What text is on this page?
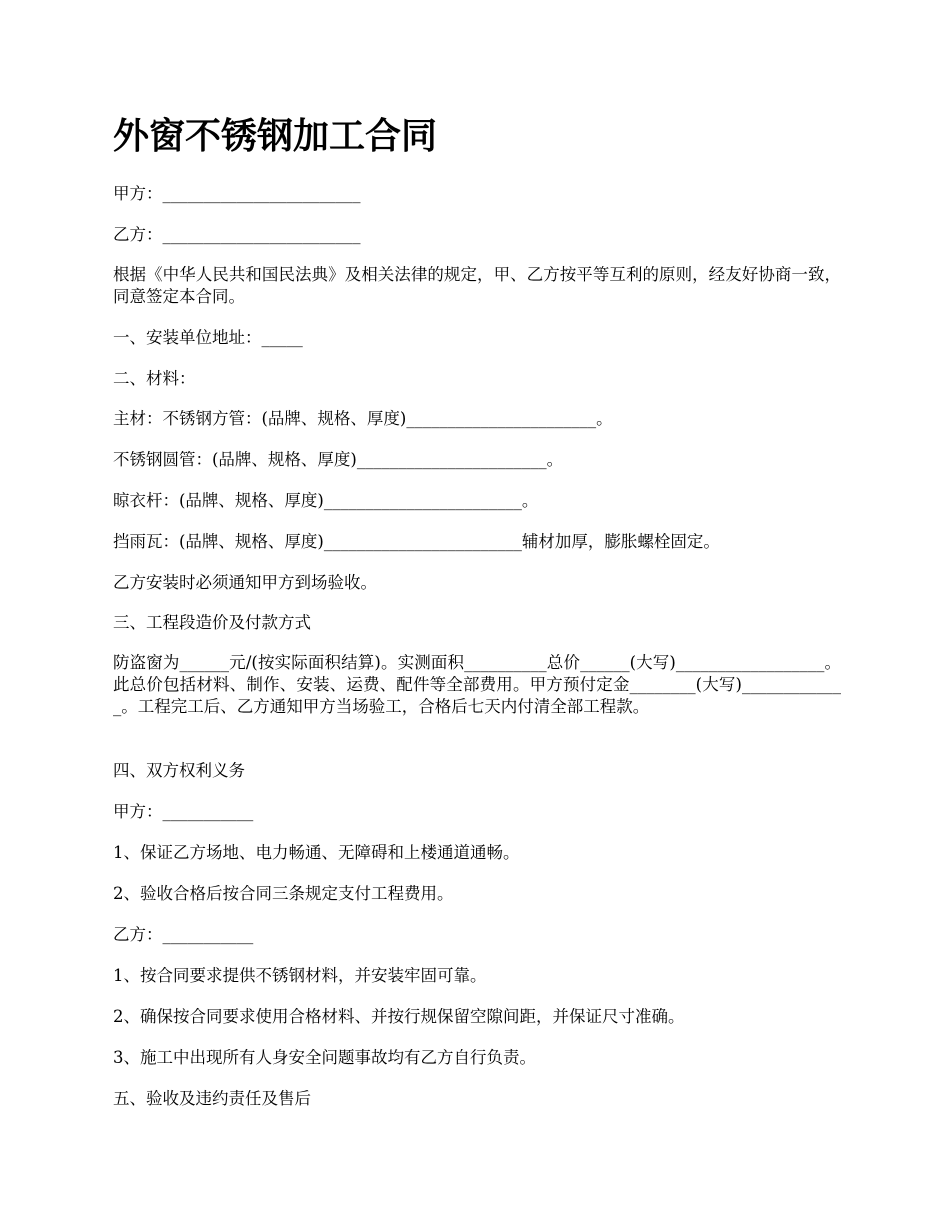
外窗不锈钢加工合同

甲方：________________________

乙方：________________________

根据《中华人民共和国民法典》及相关法律的规定，甲、乙方按平等互利的原则，经友好协商一致，同意签定本合同。

一、安装单位地址：_____

二、材料：

主材：不锈钢方管：(品牌、规格、厚度)_______________________。

不锈钢圆管：(品牌、规格、厚度)_______________________。

晾衣杆：(品牌、规格、厚度)________________________。

挡雨瓦：(品牌、规格、厚度)________________________辅材加厚，膨胀螺栓固定。

乙方安装时必须通知甲方到场验收。

三、工程段造价及付款方式

防盗窗为______元/(按实际面积结算)。实测面积__________总价______(大写)__________________。此总价包括材料、制作、安装、运费、配件等全部费用。甲方预付定金________(大写)_____________。工程完工后、乙方通知甲方当场验工，合格后七天内付清全部工程款。

四、双方权利义务

甲方：___________

1、保证乙方场地、电力畅通、无障碍和上楼通道通畅。

2、验收合格后按合同三条规定支付工程费用。

乙方：___________

1、按合同要求提供不锈钢材料，并安装牢固可靠。

2、确保按合同要求使用合格材料、并按行规保留空隙间距，并保证尺寸准确。

3、施工中出现所有人身安全问题事故均有乙方自行负责。

五、验收及违约责任及售后
